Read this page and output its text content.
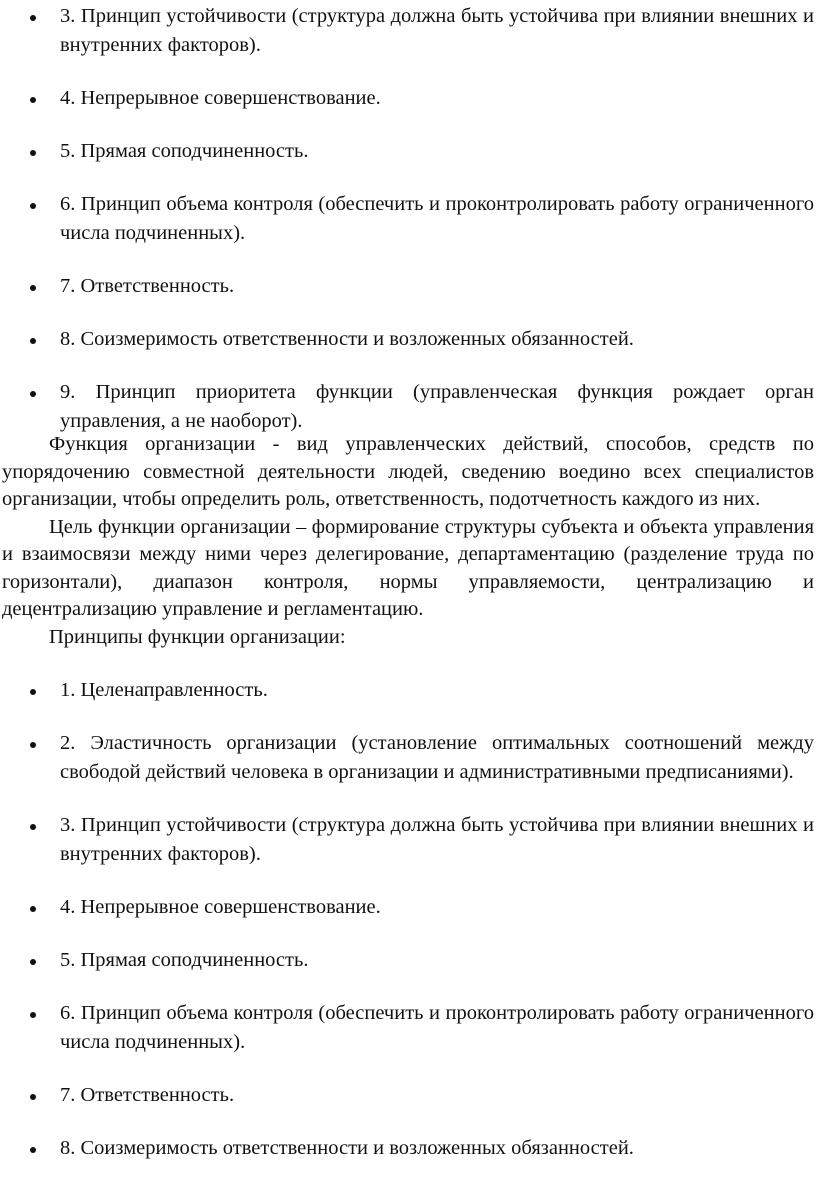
3. Принцип устойчивости (структура должна быть устойчива при влиянии внешних и внутренних факторов).
4. Непрерывное совершенствование.
5. Прямая соподчиненность.
6. Принцип объема контроля (обеспечить и проконтролировать работу ограниченного числа подчиненных).
7. Ответственность.
8. Соизмеримость ответственности и возложенных обязанностей.
9. Принцип приоритета функции (управленческая функция рождает орган управления, а не наоборот).

Функция организации - вид управленческих действий, способов, средств по упорядочению совместной деятельности людей, сведению воедино всех специалистов организации, чтобы определить роль, ответственность, подотчетность каждого из них.

Цель функции организации – формирование структуры субъекта и объекта управления и взаимосвязи между ними через делегирование, департаментацию (разделение труда по горизонтали), диапазон контроля, нормы управляемости, централизацию и децентрализацию управление и регламентацию.

Принципы функции организации:

1. Целенаправленность.
2. Эластичность организации (установление оптимальных соотношений между свободой действий человека в организации и административными предписаниями).
3. Принцип устойчивости (структура должна быть устойчива при влиянии внешних и внутренних факторов).
4. Непрерывное совершенствование.
5. Прямая соподчиненность.
6. Принцип объема контроля (обеспечить и проконтролировать работу ограниченного числа подчиненных).
7. Ответственность.
8. Соизмеримость ответственности и возложенных обязанностей.
